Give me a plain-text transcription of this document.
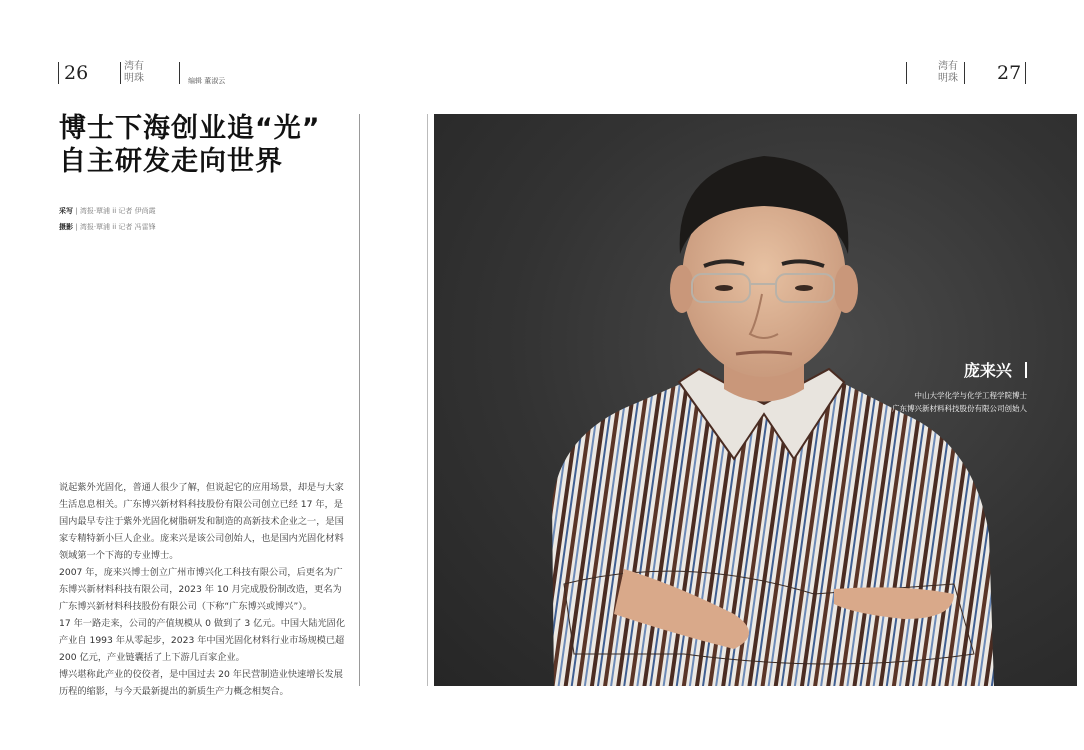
26	湾有
明珠	编辑 董淑云
湾有
明珠 27
博士下海创业追“光”
自主研发走向世界
采写 | 湾报·覃浦 ii 记者 伊尚霞
摄影 | 湾报·覃浦 ii 记者 冯雷锋

说起紫外光固化，普通人很少了解，但说起它的应用场景，却是与大家生活息息相关。广东博兴新材料科技股份有限公司创立已经 17 年，是国内最早专注于紫外光固化树脂研发和制造的高新技术企业之一，是国家专精特新小巨人企业。庞来兴是该公司创始人，也是国内光固化材料领域第一个下海的专业博士。

2007 年，庞来兴博士创立广州市博兴化工科技有限公司，后更名为广东博兴新材料科技有限公司，2023 年 10 月完成股份制改造，更名为广东博兴新材料科技股份有限公司（下称“广东博兴或博兴”）。

17 年一路走来，公司的产值规模从 0 做到了 3 亿元。中国大陆光固化产业自 1993 年从零起步，2023 年中国光固化材料行业市场规模已超 200 亿元，产业链囊括了上下游几百家企业。

博兴堪称此产业的佼佼者，是中国过去 20 年民营制造业快速增长发展历程的缩影，与今天最新提出的新质生产力概念相契合。

庞来兴
中山大学化学与化学工程学院博士
广东博兴新材料科技股份有限公司创始人
